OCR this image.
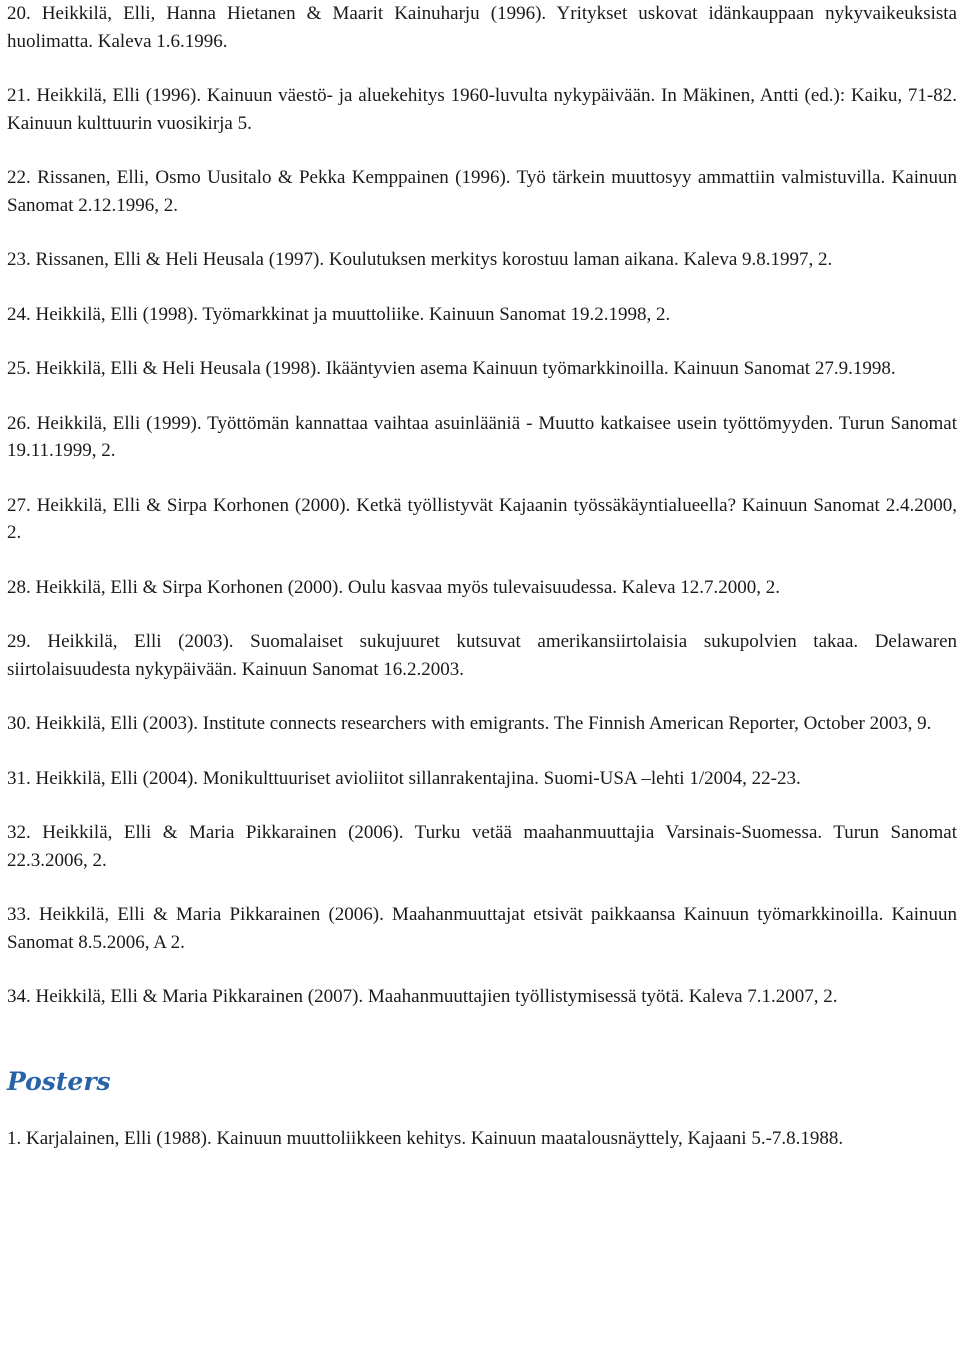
20. Heikkilä, Elli, Hanna Hietanen & Maarit Kainuharju (1996). Yritykset uskovat idänkauppaan nykyvaikeuksista huolimatta. Kaleva 1.6.1996.

21. Heikkilä, Elli (1996). Kainuun väestö- ja aluekehitys 1960-luvulta nykypäivään. In Mäkinen, Antti (ed.): Kaiku, 71-82. Kainuun kulttuurin vuosikirja 5.

22. Rissanen, Elli, Osmo Uusitalo & Pekka Kemppainen (1996). Työ tärkein muuttosyy ammattiin valmistuvilla. Kainuun Sanomat 2.12.1996, 2.

23. Rissanen, Elli & Heli Heusala (1997). Koulutuksen merkitys korostuu laman aikana. Kaleva 9.8.1997, 2.

24. Heikkilä, Elli (1998). Työmarkkinat ja muuttoliike. Kainuun Sanomat 19.2.1998, 2.

25. Heikkilä, Elli & Heli Heusala (1998). Ikääntyvien asema Kainuun työmarkkinoilla. Kainuun Sanomat 27.9.1998.

26. Heikkilä, Elli (1999). Työttömän kannattaa vaihtaa asuinlääniä - Muutto katkaisee usein työttömyyden. Turun Sanomat 19.11.1999, 2.

27. Heikkilä, Elli & Sirpa Korhonen (2000). Ketkä työllistyvät Kajaanin työssäkäyntialueella? Kainuun Sanomat 2.4.2000, 2.

28. Heikkilä, Elli & Sirpa Korhonen (2000). Oulu kasvaa myös tulevaisuudessa. Kaleva 12.7.2000, 2.

29. Heikkilä, Elli (2003). Suomalaiset sukujuuret kutsuvat amerikansiirtolaisia sukupolvien takaa. Delawaren siirtolaisuudesta nykypäivään. Kainuun Sanomat 16.2.2003.

30. Heikkilä, Elli (2003). Institute connects researchers with emigrants. The Finnish American Reporter, October 2003, 9.

31. Heikkilä, Elli (2004). Monikulttuuriset avioliitot sillanrakentajina. Suomi-USA –lehti 1/2004, 22-23.

32. Heikkilä, Elli & Maria Pikkarainen (2006). Turku vetää maahanmuuttajia Varsinais-Suomessa. Turun Sanomat 22.3.2006, 2.

33. Heikkilä, Elli & Maria Pikkarainen (2006). Maahanmuuttajat etsivät paikkaansa Kainuun työmarkkinoilla. Kainuun Sanomat 8.5.2006, A 2.

34. Heikkilä, Elli & Maria Pikkarainen (2007). Maahanmuuttajien työllistymisessä työtä. Kaleva 7.1.2007, 2.

Posters

1. Karjalainen, Elli (1988). Kainuun muuttoliikkeen kehitys. Kainuun maatalousnäyttely, Kajaani 5.-7.8.1988.
